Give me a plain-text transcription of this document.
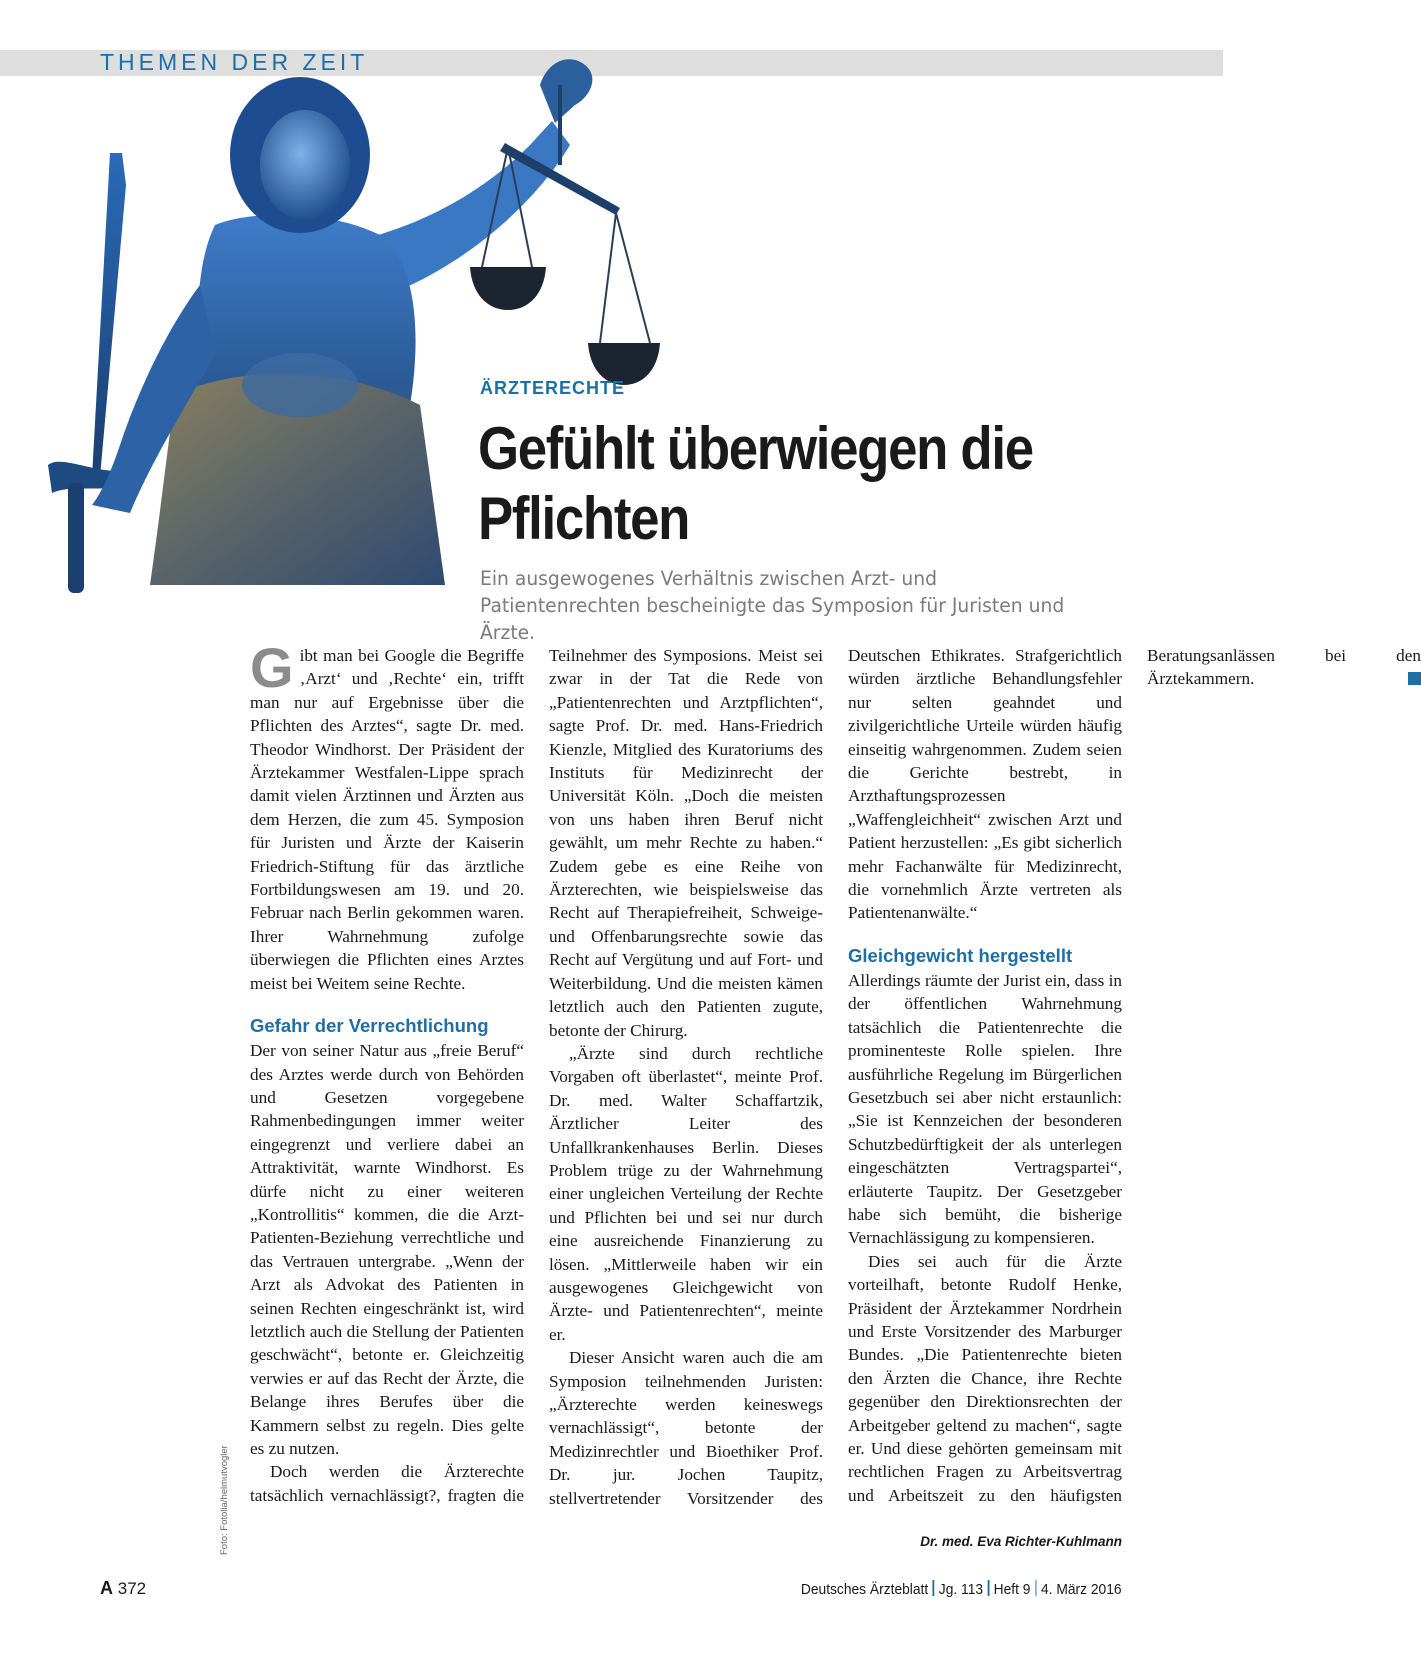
THEMEN DER ZEIT
ÄRZTERECHTE
Gefühlt überwiegen die Pflichten
Ein ausgewogenes Verhältnis zwischen Arzt- und Patientenrechten bescheinigte das Symposion für Juristen und Ärzte.
Dr. med. Eva Richter-Kuhlmann
Foto: Fotolia/helmutvogler
A 372	Deutsches Ärzteblatt Jg. 113 Heft 9 4. März 2016

Gibt man bei Google die Begriffe ‚Arzt‘ und ‚Rechte‘ ein, trifft man nur auf Ergebnisse über die Pflichten des Arztes“, sagte Dr. med. Theodor Windhorst. Der Präsident der Ärztekammer Westfalen-Lippe sprach damit vielen Ärztinnen und Ärzten aus dem Herzen, die zum 45. Symposion für Juristen und Ärzte der Kaiserin Friedrich-Stiftung für das ärztliche Fortbildungswesen am 19. und 20. Februar nach Berlin gekommen waren. Ihrer Wahrnehmung zufolge überwiegen die Pflichten eines Arztes meist bei Weitem seine Rechte.

Gefahr der Verrechtlichung

Der von seiner Natur aus „freie Beruf“ des Arztes werde durch von Behörden und Gesetzen vorgegebene Rahmenbedingungen immer weiter eingegrenzt und verliere dabei an Attraktivität, warnte Windhorst. Es dürfe nicht zu einer weiteren „Kontrollitis“ kommen, die die Arzt-Patienten-Beziehung verrechtliche und das Vertrauen untergrabe. „Wenn der Arzt als Advokat des Patienten in seinen Rechten eingeschränkt ist, wird letztlich auch die Stellung der Patienten geschwächt“, betonte er. Gleichzeitig verwies er auf das Recht der Ärzte, die Belange ihres Berufes über die Kammern selbst zu regeln. Dies gelte es zu nutzen.

Doch werden die Ärzterechte tatsächlich vernachlässigt?, fragten die Teilnehmer des Symposions. Meist sei zwar in der Tat die Rede von „Patientenrechten und Arztpflichten“, sagte Prof. Dr. med. Hans-Friedrich Kienzle, Mitglied des Kuratoriums des Instituts für Medizinrecht der Universität Köln. „Doch die meisten von uns haben ihren Beruf nicht gewählt, um mehr Rechte zu haben.“ Zudem gebe es eine Reihe von Ärzterechten, wie beispielsweise das Recht auf Therapiefreiheit, Schweige- und Offenbarungsrechte sowie das Recht auf Vergütung und auf Fort- und Weiterbildung. Und die meisten kämen letztlich auch den Patienten zugute, betonte der Chirurg.

„Ärzte sind durch rechtliche Vorgaben oft überlastet“, meinte Prof. Dr. med. Walter Schaffartzik, Ärztlicher Leiter des Unfallkrankenhauses Berlin. Dieses Problem trüge zu der Wahrnehmung einer ungleichen Verteilung der Rechte und Pflichten bei und sei nur durch eine ausreichende Finanzierung zu lösen. „Mittlerweile haben wir ein ausgewogenes Gleichgewicht von Ärzte- und Patientenrechten“, meinte er.

Dieser Ansicht waren auch die am Symposion teilnehmenden Juristen: „Ärzterechte werden keineswegs vernachlässigt“, betonte der Medizinrechtler und Bioethiker Prof. Dr. jur. Jochen Taupitz, stellvertretender Vorsitzender des Deutschen Ethikrates. Strafgerichtlich würden ärztliche Behandlungsfehler nur selten geahndet und zivilgerichtliche Urteile würden häufig einseitig wahrgenommen. Zudem seien die Gerichte bestrebt, in Arzthaftungsprozessen „Waffengleichheit“ zwischen Arzt und Patient herzustellen: „Es gibt sicherlich mehr Fachanwälte für Medizinrecht, die vornehmlich Ärzte vertreten als Patientenanwälte.“

Gleichgewicht hergestellt

Allerdings räumte der Jurist ein, dass in der öffentlichen Wahrnehmung tatsächlich die Patientenrechte die prominenteste Rolle spielen. Ihre ausführliche Regelung im Bürgerlichen Gesetzbuch sei aber nicht erstaunlich: „Sie ist Kennzeichen der besonderen Schutzbedürftigkeit der als unterlegen eingeschätzten Vertragspartei“, erläuterte Taupitz. Der Gesetzgeber habe sich bemüht, die bisherige Vernachlässigung zu kompensieren.

Dies sei auch für die Ärzte vorteilhaft, betonte Rudolf Henke, Präsident der Ärztekammer Nordrhein und Erste Vorsitzender des Marburger Bundes. „Die Patientenrechte bieten den Ärzten die Chance, ihre Rechte gegenüber den Direktionsrechten der Arbeitgeber geltend zu machen“, sagte er. Und diese gehörten gemeinsam mit rechtlichen Fragen zu Arbeitsvertrag und Arbeitszeit zu den häufigsten Beratungsanlässen bei den Ärztekammern.
